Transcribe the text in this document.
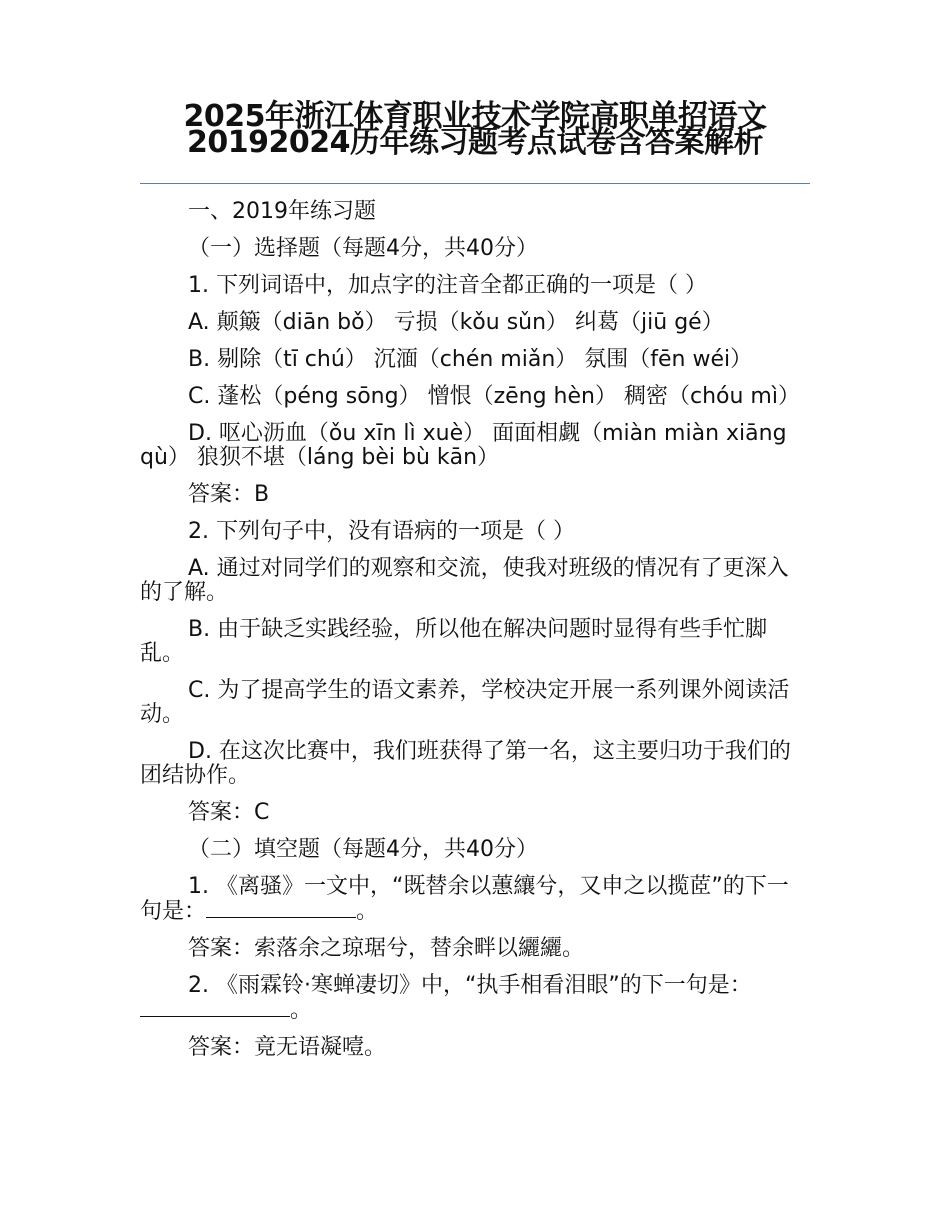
2025年浙江体育职业技术学院高职单招语文20192024历年练习题考点试卷含答案解析

一、2019年练习题

（一）选择题（每题4分，共40分）

1. 下列词语中，加点字的注音全都正确的一项是（ ）

A. 颠簸（diān bǒ） 亏损（kǒu sǔn） 纠葛（jiū gé）

B. 剔除（tī chú） 沉湎（chén miǎn） 氛围（fēn wéi）

C. 蓬松（péng sōng） 憎恨（zēng hèn） 稠密（chóu mì）

D. 呕心沥血（ǒu xīn lì xuè） 面面相觑（miàn miàn xiāng qù） 狼狈不堪（láng bèi bù kān）

答案：B

2. 下列句子中，没有语病的一项是（ ）

A. 通过对同学们的观察和交流，使我对班级的情况有了更深入的了解。

B. 由于缺乏实践经验，所以他在解决问题时显得有些手忙脚乱。

C. 为了提高学生的语文素养，学校决定开展一系列课外阅读活动。

D. 在这次比赛中，我们班获得了第一名，这主要归功于我们的团结协作。

答案：C

（二）填空题（每题4分，共40分）

1. 《离骚》一文中，“既替余以蕙纕兮，又申之以揽茝”的下一句是：	。

答案：索落余之琼琚兮，替余畔以纚纚。

2. 《雨霖铃·寒蝉凄切》中，“执手相看泪眼”的下一句是：。

答案：竟无语凝噎。
